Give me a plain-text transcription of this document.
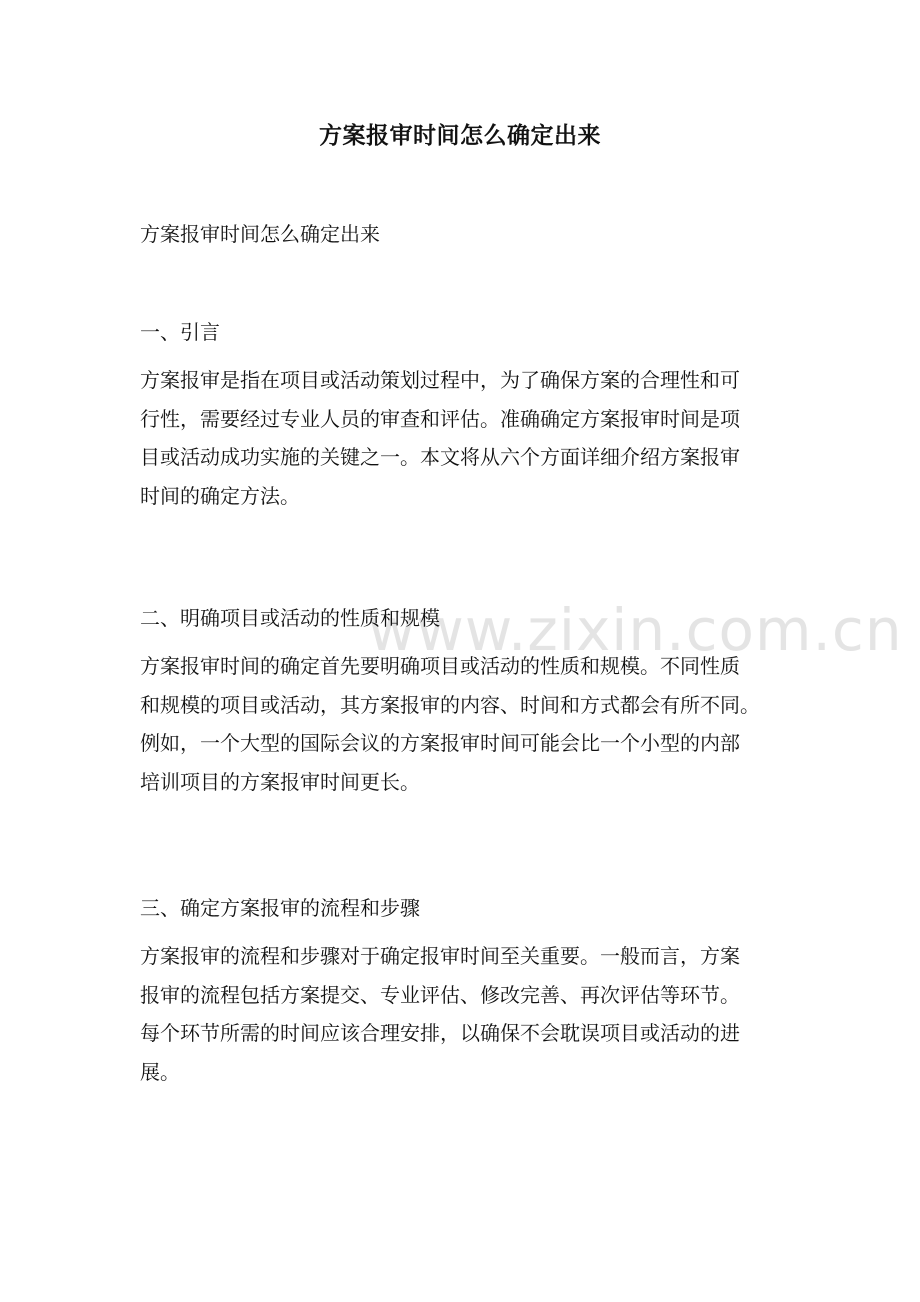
www.zixin.com.cn
方案报审时间怎么确定出来
方案报审时间怎么确定出来
一、引言
方案报审是指在项目或活动策划过程中，为了确保方案的合理性和可
行性，需要经过专业人员的审查和评估。准确确定方案报审时间是项
目或活动成功实施的关键之一。本文将从六个方面详细介绍方案报审
时间的确定方法。
二、明确项目或活动的性质和规模
方案报审时间的确定首先要明确项目或活动的性质和规模。不同性质
和规模的项目或活动，其方案报审的内容、时间和方式都会有所不同。
例如，一个大型的国际会议的方案报审时间可能会比一个小型的内部
培训项目的方案报审时间更长。
三、确定方案报审的流程和步骤
方案报审的流程和步骤对于确定报审时间至关重要。一般而言，方案
报审的流程包括方案提交、专业评估、修改完善、再次评估等环节。
每个环节所需的时间应该合理安排，以确保不会耽误项目或活动的进
展。
